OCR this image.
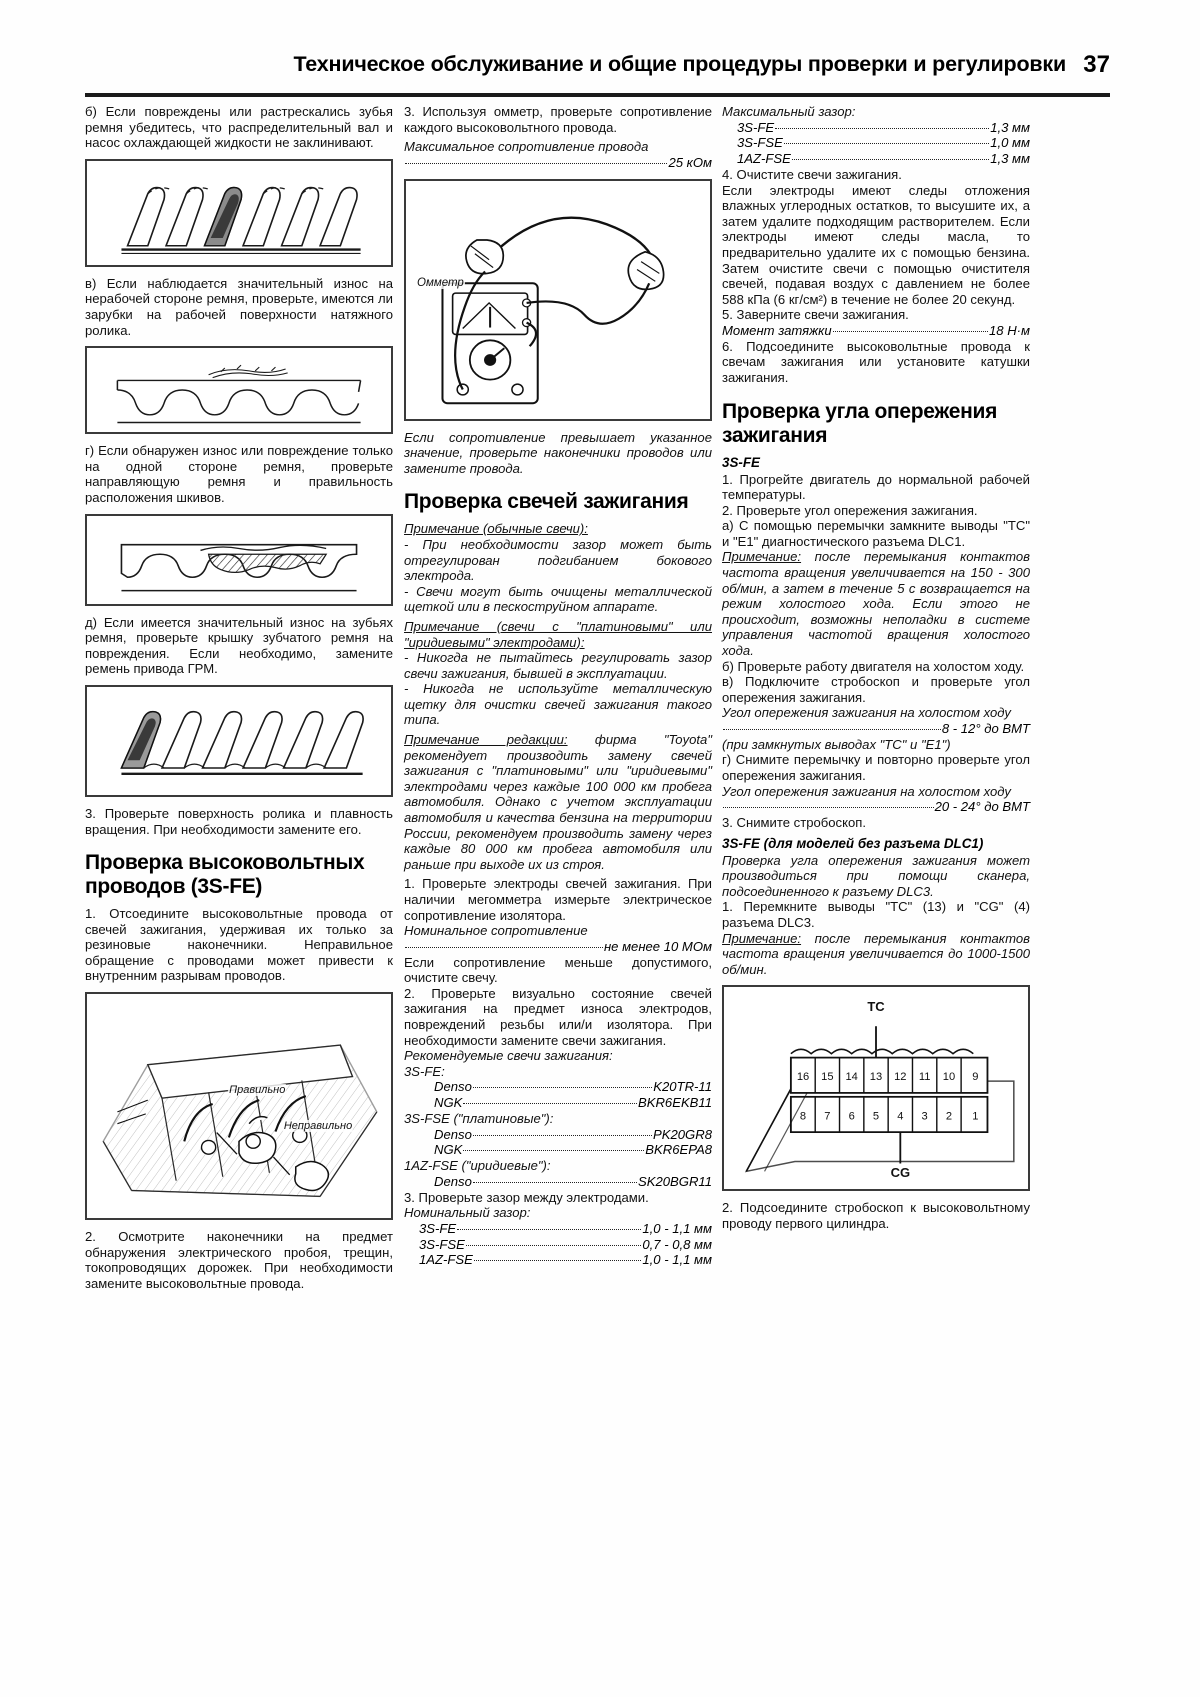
Техническое обслуживание и общие процедуры проверки и регулировки 37
б) Если повреждены или растрескались зубья ремня убедитесь, что распределительный вал и насос охлаждающей жидкости не заклинивают.
в) Если наблюдается значительный износ на нерабочей стороне ремня, проверьте, имеются ли зарубки на рабочей поверхности натяжного ролика.
г) Если обнаружен износ или повреждение только на одной стороне ремня, проверьте направляющую ремня и правильность расположения шкивов.
д) Если имеется значительный износ на зубьях ремня, проверьте крышку зубчатого ремня на повреждения. Если необходимо, замените ремень привода ГРМ.
3. Проверьте поверхность ролика и плавность вращения. При необходимости замените его.
Проверка высоковольтных проводов (3S-FE)
1. Отсоедините высоковольтные провода от свечей зажигания, удерживая их только за резиновые наконечники. Неправильное обращение с проводами может привести к внутренним разрывам проводов.
Правильно
Неправильно
2. Осмотрите наконечники на предмет обнаружения электрического пробоя, трещин, токопроводящих дорожек. При необходимости замените высоковольтные провода.
3. Используя омметр, проверьте сопротивление каждого высоковольтного провода.
Максимальное сопротивление провода
25 кОм
Омметр
Если сопротивление превышает указанное значение, проверьте наконечники проводов или замените провода.
Проверка свечей зажигания
Примечание (обычные свечи):
- При необходимости зазор может быть отрегулирован подгибанием бокового электрода.
- Свечи могут быть очищены металлической щеткой или в пескоструйном аппарате.
Примечание (свечи с "платиновыми" или "иридиевыми" электродами):
- Никогда не пытайтесь регулировать зазор свечи зажигания, бывшей в эксплуатации.
- Никогда не используйте металлическую щетку для очистки свечей зажигания такого типа.
Примечание редакции: фирма "Toyota" рекомендует производить замену свечей зажигания с "платиновыми" или "иридиевыми" электродами через каждые 100 000 км пробега автомобиля. Однако с учетом эксплуатации автомобиля и качества бензина на территории России, рекомендуем производить замену через каждые 80 000 км пробега автомобиля или раньше при выходе их из строя.
1. Проверьте электроды свечей зажигания. При наличии мегомметра измерьте электрическое сопротивление изолятора.
Номинальное сопротивление
не менее 10 МОм
Если сопротивление меньше допустимого, очистите свечу.
2. Проверьте визуально состояние свечей зажигания на предмет износа электродов, повреждений резьбы или/и изолятора. При необходимости замените свечи зажигания.
Рекомендуемые свечи зажигания:
3S-FE:
Denso	K20TR-11
NGK	BKR6EKB11
3S-FSE ("платиновые"):
Denso	PK20GR8
NGK	BKR6EPA8
1AZ-FSE ("иридиевые"):
Denso	SK20BGR11
3. Проверьте зазор между электродами.
Номинальный зазор:
3S-FE	1,0 - 1,1 мм
3S-FSE	0,7 - 0,8 мм
1AZ-FSE	1,0 - 1,1 мм
Максимальный зазор:
3S-FE	1,3 мм
3S-FSE	1,0 мм
1AZ-FSE	1,3 мм
4. Очистите свечи зажигания.
Если электроды имеют следы отложения влажных углеродных остатков, то высушите их, а затем удалите подходящим растворителем. Если электроды имеют следы масла, то предварительно удалите их с помощью бензина. Затем очистите свечи с помощью очистителя свечей, подавая воздух с давлением не более 588 кПа (6 кг/см²) в течение не более 20 секунд.
5. Заверните свечи зажигания.
Момент затяжки	18 Н·м
6. Подсоедините высоковольтные провода к свечам зажигания или установите катушки зажигания.
Проверка угла опережения зажигания
3S-FE
1. Прогрейте двигатель до нормальной рабочей температуры.
2. Проверьте угол опережения зажигания.
а) С помощью перемычки замкните выводы "TC" и "E1" диагностического разъема DLC1.
Примечание: после перемыкания контактов частота вращения увеличивается на 150 - 300 об/мин, а затем в течение 5 с возвращается на режим холостого хода. Если этого не происходит, возможны неполадки в системе управления частотой вращения холостого хода.
б) Проверьте работу двигателя на холостом ходу.
в) Подключите стробоскоп и проверьте угол опережения зажигания.
Угол опережения зажигания на холостом ходу
8 - 12° до ВМТ
(при замкнутых выводах "TC" и "E1")
г) Снимите перемычку и повторно проверьте угол опережения зажигания.
Угол опережения зажигания на холостом ходу
20 - 24° до ВМТ
3. Снимите стробоскоп.
3S-FE (для моделей без разъема DLC1)
Проверка угла опережения зажигания может производиться при помощи сканера, подсоединенного к разъему DLC3.
1. Перемкните выводы "TC" (13) и "CG" (4) разъема DLC3.
Примечание: после перемыкания контактов частота вращения увеличивается до 1000-1500 об/мин.
16 15 14 13 12 11 10 9
8 7 6 5 4 3 2 1
TC
CG
2. Подсоедините стробоскоп к высоковольтному проводу первого цилиндра.
